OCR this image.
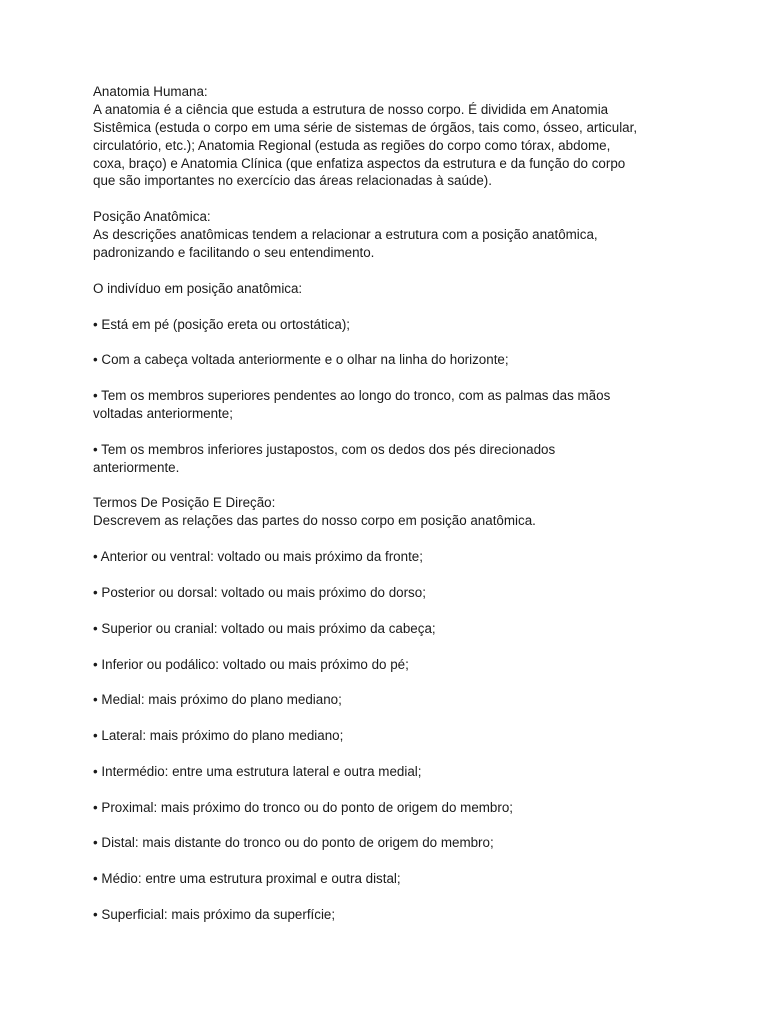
Anatomia Humana:
A anatomia é a ciência que estuda a estrutura de nosso corpo. É dividida em Anatomia
Sistêmica (estuda o corpo em uma série de sistemas de órgãos, tais como, ósseo, articular,
circulatório, etc.); Anatomia Regional (estuda as regiões do corpo como tórax, abdome,
coxa, braço) e Anatomia Clínica (que enfatiza aspectos da estrutura e da função do corpo
que são importantes no exercício das áreas relacionadas à saúde).
Posição Anatômica:
As descrições anatômicas tendem a relacionar a estrutura com a posição anatômica,
padronizando e facilitando o seu entendimento.
O indivíduo em posição anatômica:
• Está em pé (posição ereta ou ortostática);
• Com a cabeça voltada anteriormente e o olhar na linha do horizonte;
• Tem os membros superiores pendentes ao longo do tronco, com as palmas das mãos
voltadas anteriormente;
• Tem os membros inferiores justapostos, com os dedos dos pés direcionados
anteriormente.
Termos De Posição E Direção:
Descrevem as relações das partes do nosso corpo em posição anatômica.
• Anterior ou ventral: voltado ou mais próximo da fronte;
• Posterior ou dorsal: voltado ou mais próximo do dorso;
• Superior ou cranial: voltado ou mais próximo da cabeça;
• Inferior ou podálico: voltado ou mais próximo do pé;
• Medial: mais próximo do plano mediano;
• Lateral: mais próximo do plano mediano;
• Intermédio: entre uma estrutura lateral e outra medial;
• Proximal: mais próximo do tronco ou do ponto de origem do membro;
• Distal: mais distante do tronco ou do ponto de origem do membro;
• Médio: entre uma estrutura proximal e outra distal;
• Superficial: mais próximo da superfície;
